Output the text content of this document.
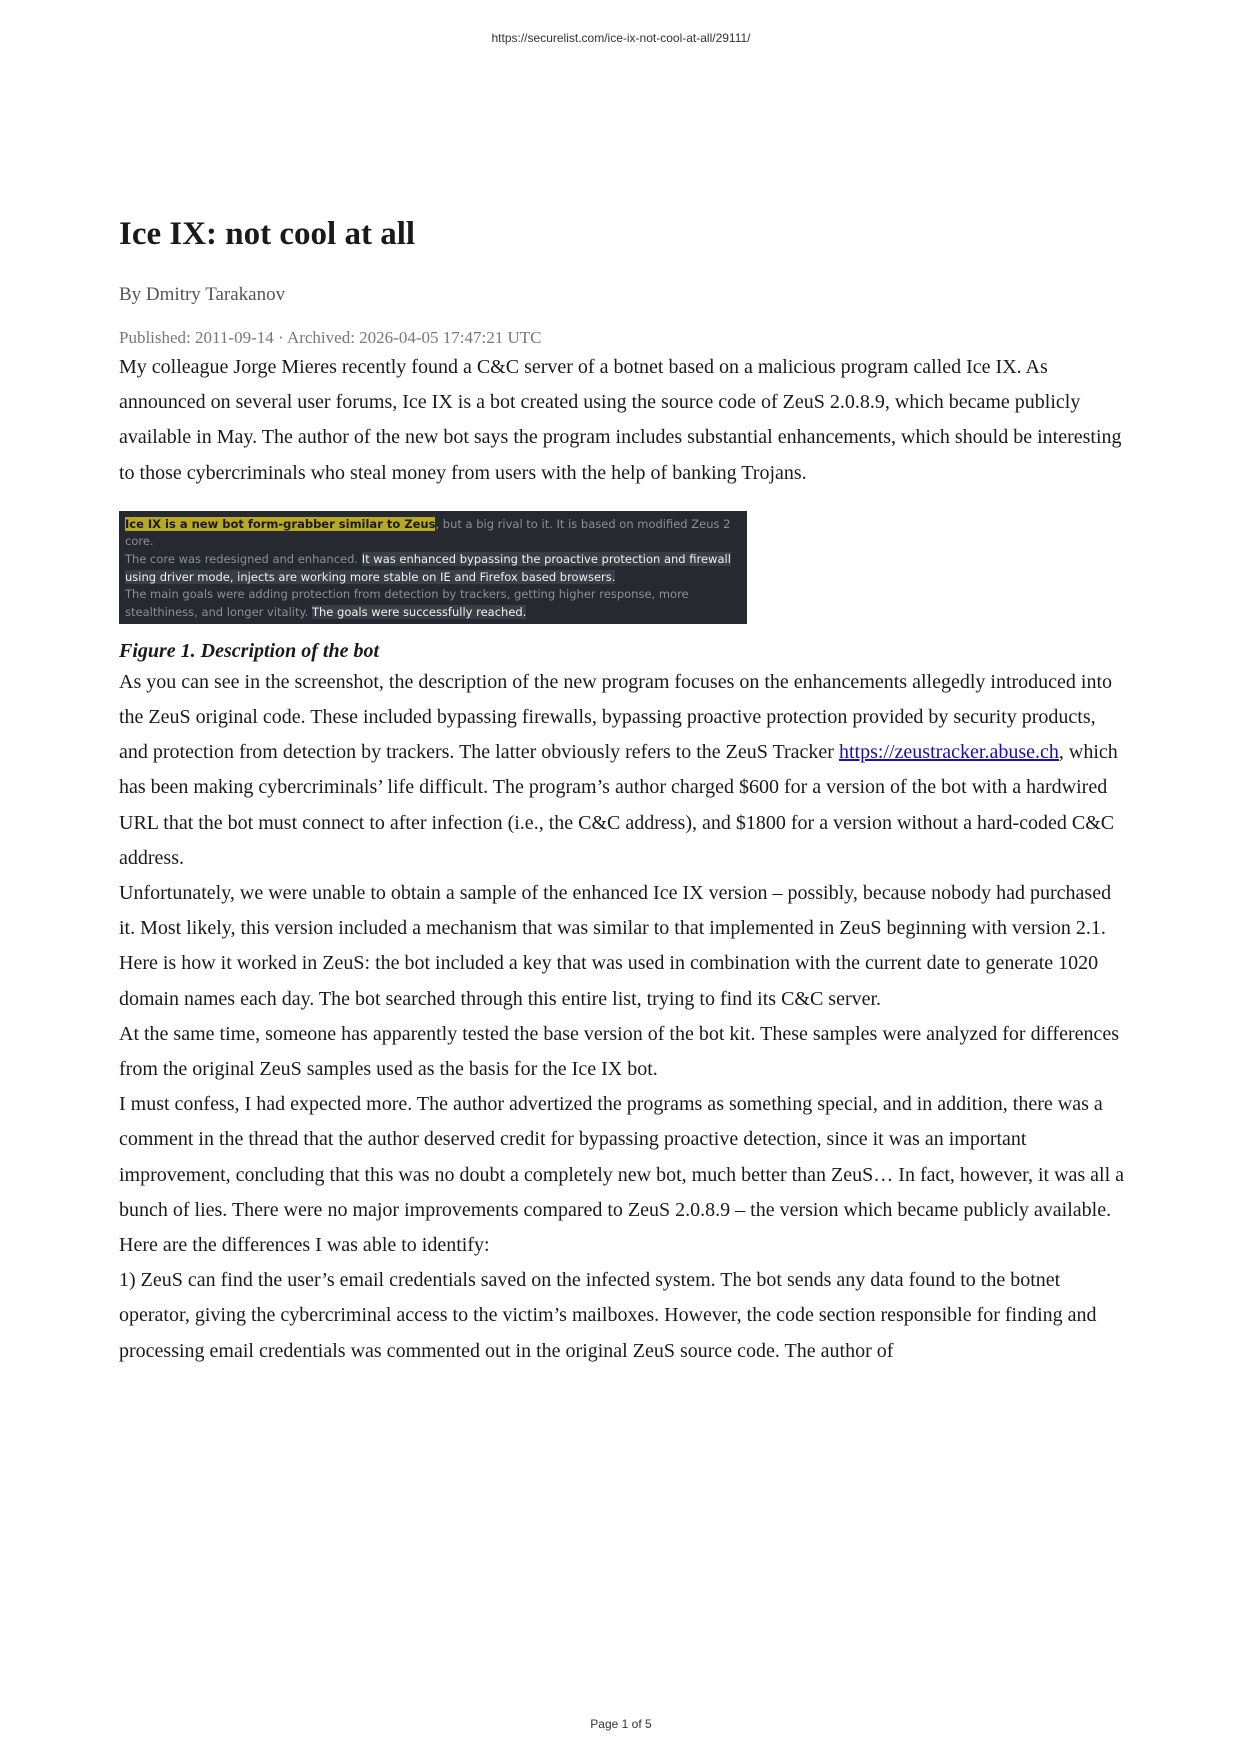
https://securelist.com/ice-ix-not-cool-at-all/29111/
Ice IX: not cool at all
By Dmitry Tarakanov
Published: 2011-09-14 · Archived: 2026-04-05 17:47:21 UTC

My colleague Jorge Mieres recently found a C&C server of a botnet based on a malicious program called Ice IX. As announced on several user forums, Ice IX is a bot created using the source code of ZeuS 2.0.8.9, which became publicly available in May. The author of the new bot says the program includes substantial enhancements, which should be interesting to those cybercriminals who steal money from users with the help of banking Trojans.

Ice IX is a new bot form-grabber similar to Zeus, but a big rival to it. It is based on modified Zeus 2 core.
The core was redesigned and enhanced. It was enhanced bypassing the proactive protection and firewall using driver mode, injects are working more stable on IE and Firefox based browsers.
The main goals were adding protection from detection by trackers, getting higher response, more stealthiness, and longer vitality. The goals were successfully reached.
Figure 1. Description of the bot

As you can see in the screenshot, the description of the new program focuses on the enhancements allegedly introduced into the ZeuS original code. These included bypassing firewalls, bypassing proactive protection provided by security products, and protection from detection by trackers. The latter obviously refers to the ZeuS Tracker https://zeustracker.abuse.ch, which has been making cybercriminals’ life difficult. The program’s author charged $600 for a version of the bot with a hardwired URL that the bot must connect to after infection (i.e., the C&C address), and $1800 for a version without a hard-coded C&C address.

Unfortunately, we were unable to obtain a sample of the enhanced Ice IX version – possibly, because nobody had purchased it. Most likely, this version included a mechanism that was similar to that implemented in ZeuS beginning with version 2.1. Here is how it worked in ZeuS: the bot included a key that was used in combination with the current date to generate 1020 domain names each day. The bot searched through this entire list, trying to find its C&C server.

At the same time, someone has apparently tested the base version of the bot kit. These samples were analyzed for differences from the original ZeuS samples used as the basis for the Ice IX bot.

I must confess, I had expected more. The author advertized the programs as something special, and in addition, there was a comment in the thread that the author deserved credit for bypassing proactive detection, since it was an important improvement, concluding that this was no doubt a completely new bot, much better than ZeuS… In fact, however, it was all a bunch of lies. There were no major improvements compared to ZeuS 2.0.8.9 – the version which became publicly available.

Here are the differences I was able to identify:

1) ZeuS can find the user’s email credentials saved on the infected system. The bot sends any data found to the botnet operator, giving the cybercriminal access to the victim’s mailboxes. However, the code section responsible for finding and processing email credentials was commented out in the original ZeuS source code. The author of

Page 1 of 5
